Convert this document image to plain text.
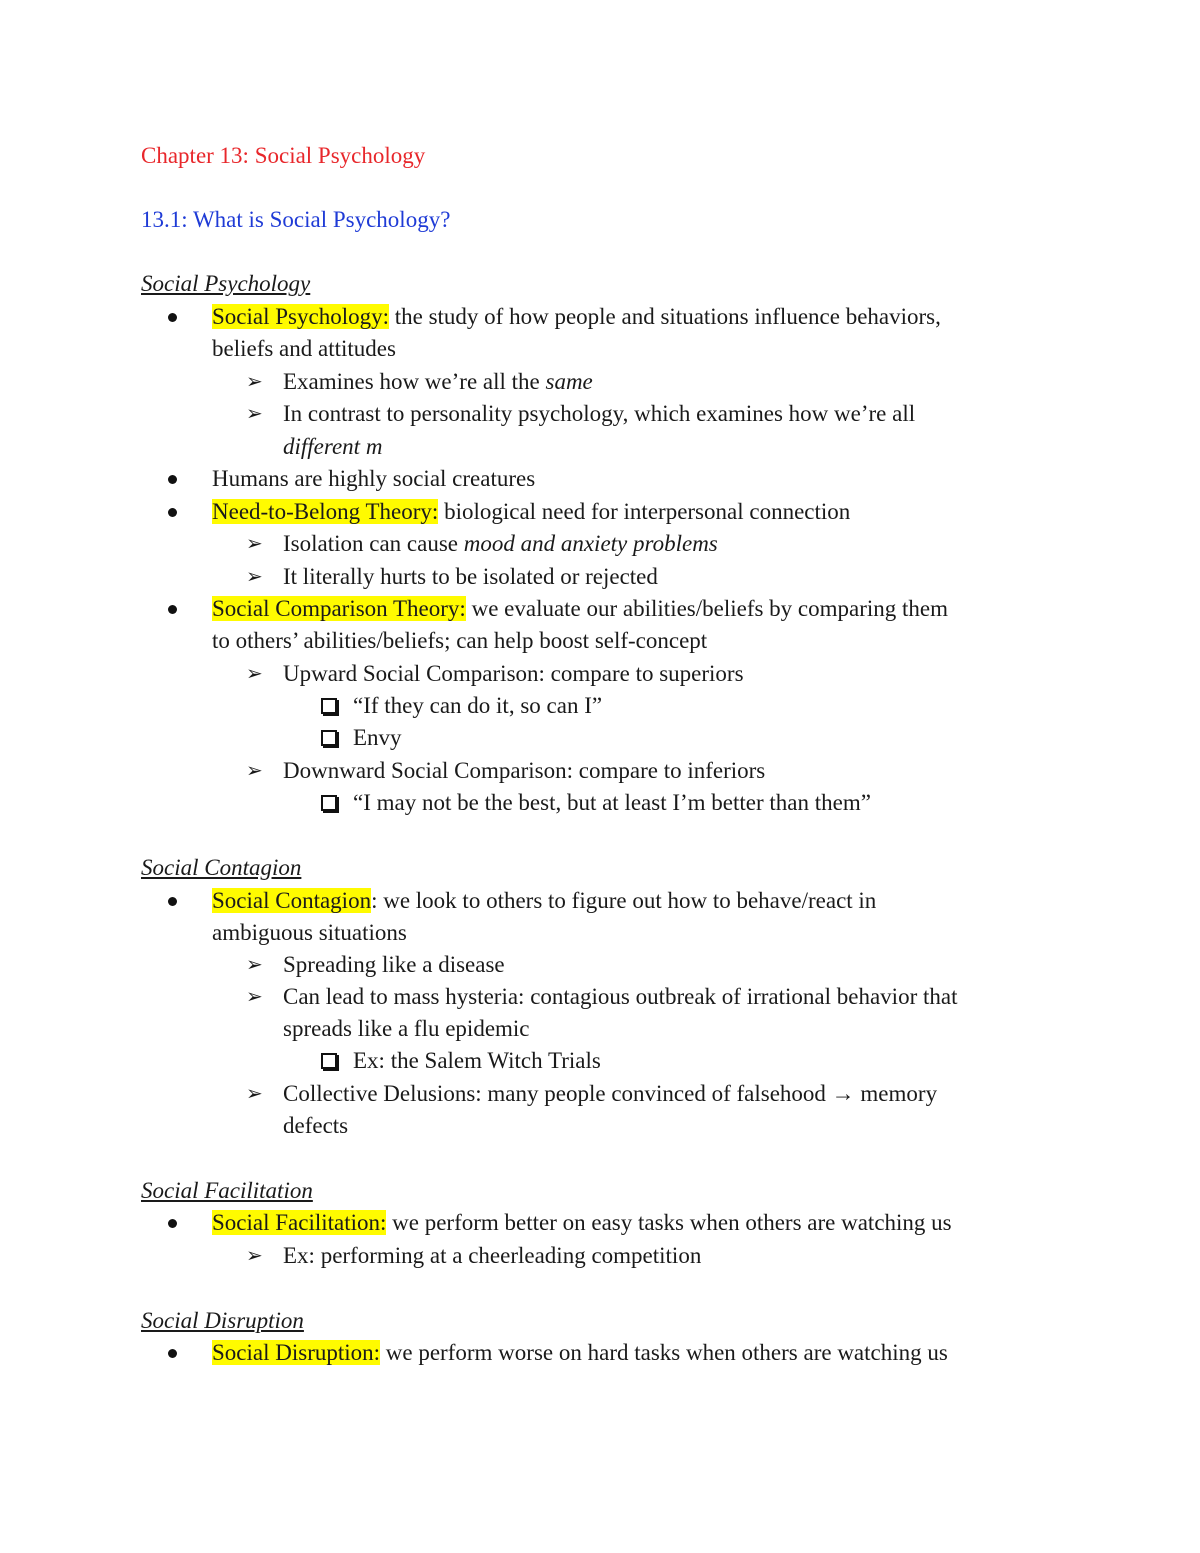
Chapter 13: Social Psychology
13.1: What is Social Psychology?
Social Psychology
Social Psychology: the study of how people and situations influence behaviors,
beliefs and attitudes
➢ Examines how we’re all the same
➢ In contrast to personality psychology, which examines how we’re all
different m
Humans are highly social creatures
Need-to-Belong Theory: biological need for interpersonal connection
➢ Isolation can cause mood and anxiety problems
➢ It literally hurts to be isolated or rejected
Social Comparison Theory: we evaluate our abilities/beliefs by comparing them
to others’ abilities/beliefs; can help boost self-concept
➢ Upward Social Comparison: compare to superiors
“If they can do it, so can I”
Envy
➢ Downward Social Comparison: compare to inferiors
“I may not be the best, but at least I’m better than them”
Social Contagion
Social Contagion: we look to others to figure out how to behave/react in
ambiguous situations
➢ Spreading like a disease
➢ Can lead to mass hysteria: contagious outbreak of irrational behavior that
spreads like a flu epidemic
Ex: the Salem Witch Trials
➢ Collective Delusions: many people convinced of falsehood → memory
defects
Social Facilitation
Social Facilitation: we perform better on easy tasks when others are watching us
➢ Ex: performing at a cheerleading competition
Social Disruption
Social Disruption: we perform worse on hard tasks when others are watching us
